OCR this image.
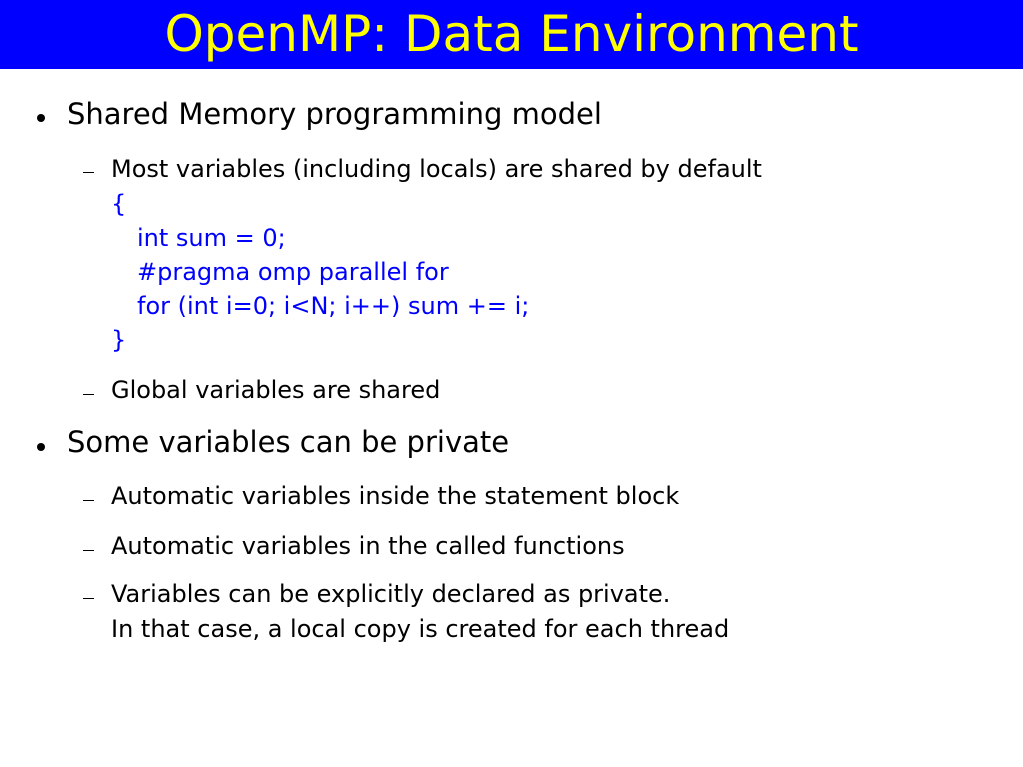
OpenMP: Data Environment
Shared Memory programming model
Most variables (including locals) are shared by default
{
int sum = 0;
#pragma omp parallel for
for (int i=0; i<N; i++) sum += i;
}
Global variables are shared
Some variables can be private
Automatic variables inside the statement block
Automatic variables in the called functions
Variables can be explicitly declared as private.
In that case, a local copy is created for each thread
